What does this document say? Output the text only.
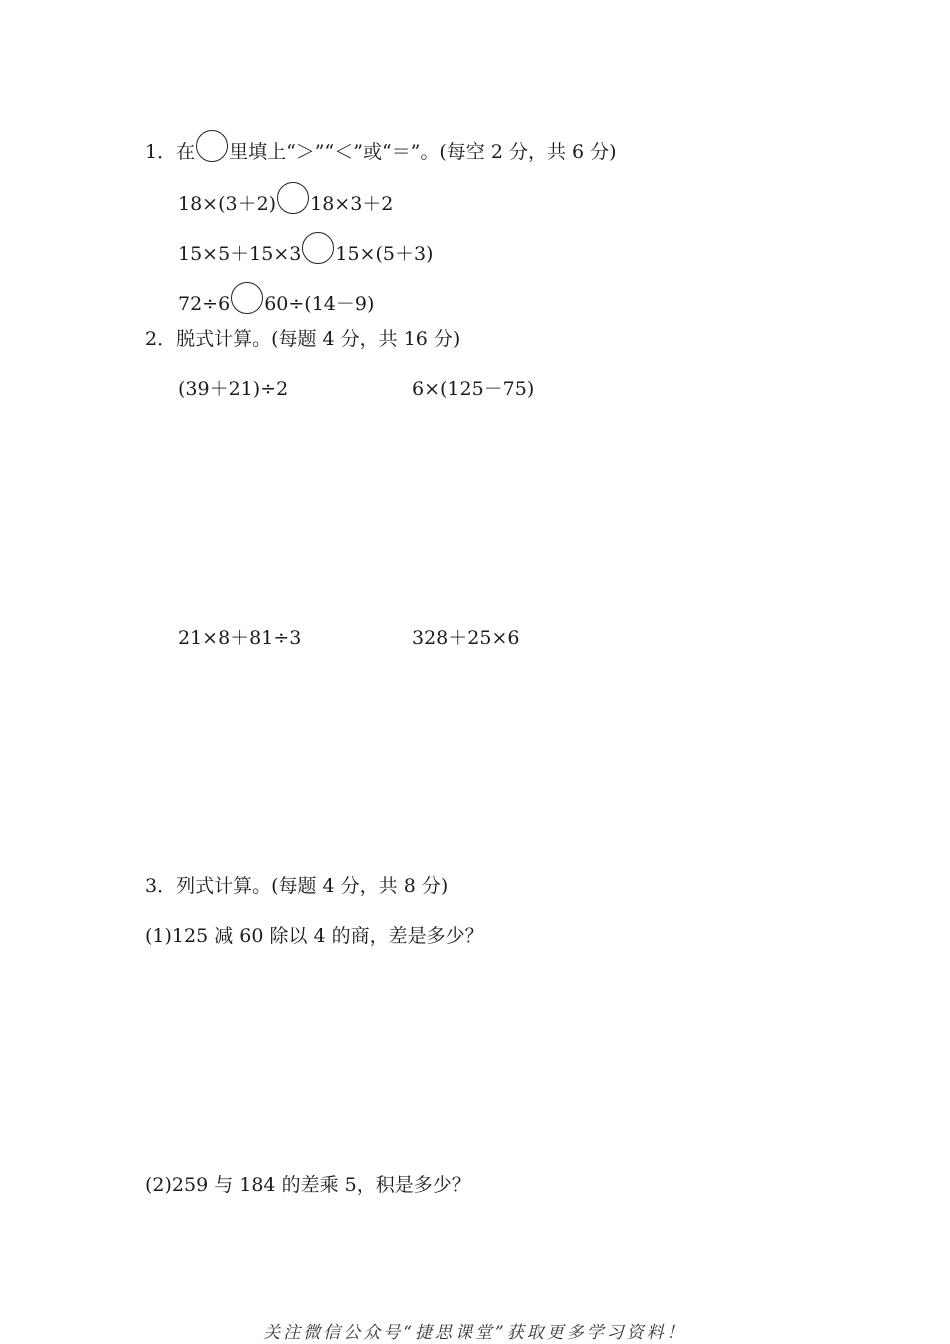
1．在 里填上“＞”“＜”或“＝”。(每空 2 分，共 6 分)
18×(3＋2) 18×3＋2
15×5＋15×3 15×(5＋3)
72÷6 60÷(14－9)
2．脱式计算。(每题 4 分，共 16 分)
(39＋21)÷2	6×(125－75)
21×8＋81÷3	328＋25×6
3．列式计算。(每题 4 分，共 8 分)
(1)125 减 60 除以 4 的商，差是多少？
(2)259 与 184 的差乘 5，积是多少？
关注微信公众号“捷思课堂”获取更多学习资料！
